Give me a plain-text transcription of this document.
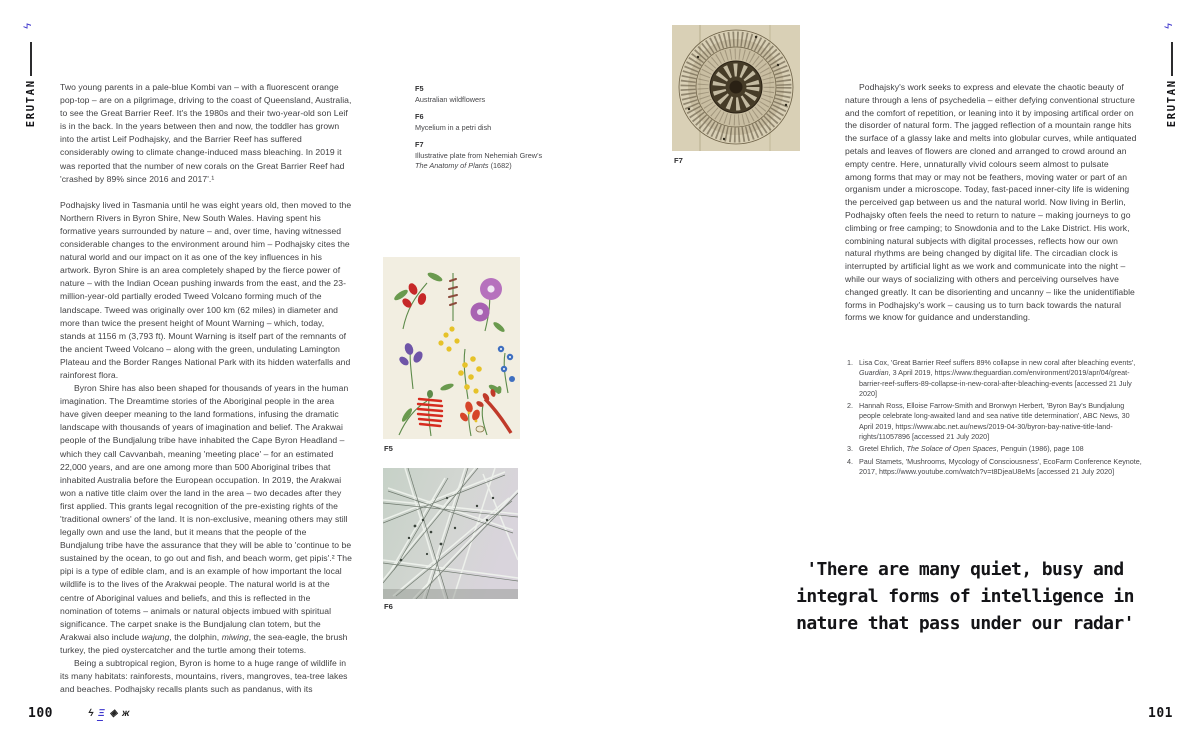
ϟ
N
A
T
U
R
E

Two young parents in a pale-blue Kombi van – with a fluorescent orange pop-top – are on a pilgrimage, driving to the coast of Queensland, Australia, to see the Great Barrier Reef. It's the 1980s and their two-year-old son Leif is in the back. In the years between then and now, the toddler has grown into the artist Leif Podhajsky, and the Barrier Reef has suffered considerably owing to climate change-induced mass bleaching. In 2019 it was reported that the number of new corals on the Great Barrier Reef had 'crashed by 89% since 2016 and 2017'.¹

Podhajsky lived in Tasmania until he was eight years old, then moved to the Northern Rivers in Byron Shire, New South Wales. Having spent his formative years surrounded by nature – and, over time, having witnessed considerable changes to the environment around him – Podhajsky cites the natural world and our impact on it as one of the key influences in his artwork. Byron Shire is an area completely shaped by the fierce power of nature – with the Indian Ocean pushing inwards from the east, and the 23-million-year-old partially eroded Tweed Volcano forming much of the landscape. Tweed was originally over 100 km (62 miles) in diameter and more than twice the present height of Mount Warning – which, today, stands at 1156 m (3,793 ft). Mount Warning is itself part of the remnants of the ancient Tweed Volcano – along with the green, undulating Lamington Plateau and the Border Ranges National Park with its hidden waterfalls and rainforest flora.

Byron Shire has also been shaped for thousands of years in the human imagination. The Dreamtime stories of the Aboriginal people in the area have given deeper meaning to the land formations, infusing the dramatic landscape with thousands of years of imagination and belief. The Arakwai people of the Bundjalung tribe have inhabited the Cape Byron Headland – which they call Cavvanbah, meaning 'meeting place' – for an estimated 22,000 years, and are one among more than 500 Aboriginal tribes that inhabited Australia before the European occupation. In 2019, the Arakwai won a native title claim over the land in the area – two decades after they first applied. This grants legal recognition of the pre-existing rights of the 'traditional owners' of the land. It is non-exclusive, meaning others may still legally own and use the land, but it means that the people of the Bundjalung tribe have the assurance that they will be able to 'continue to be sustained by the ocean, to go out and fish, and beach worm, get pipis'.² The pipi is a type of edible clam, and is an example of how important the local wildlife is to the lives of the Arakwai people. The natural world is at the centre of Aboriginal values and beliefs, and this is reflected in the nomination of totems – animals or natural objects imbued with spiritual significance. The carpet snake is the Bundjalung clan totem, but the Arakwai also include wajung, the dolphin, miwing, the sea-eagle, the brush turkey, the pied oystercatcher and the turtle among their totems.

Being a subtropical region, Byron is home to a huge range of wildlife in its many habitats: rainforests, mountains, rivers, mangroves, tea-tree lakes and beaches. Podhajsky recalls plants such as pandanus, with its

F5
Australian wildflowers
F6
Mycelium in a petri dish
F7
Illustrative plate from Nehemiah Grew's The Anatomy of Plants (1682)
F7
F5
F6

Podhajsky's work seeks to express and elevate the chaotic beauty of nature through a lens of psychedelia – either defying conventional structure and the comfort of repetition, or leaning into it by imposing artifical order on the disorder of natural form. The jagged reflection of a mountain range hits the surface of a glassy lake and melts into globular curves, while antiquated petals and leaves of flowers are cloned and arranged to crowd around an empty centre. Here, unnaturally vivid colours seem almost to pulsate among forms that may or may not be feathers, moving water or part of an organism under a microscope. Today, fast-paced inner-city life is widening the perceived gap between us and the natural world. Now living in Berlin, Podhajsky often feels the need to return to nature – making journeys to go climbing or free camping; to Snowdonia and to the Lake District. His work, combining natural subjects with digital processes, reflects how our own natural rhythms are being changed by digital life. The circadian clock is interrupted by artificial light as we work and communicate into the night – while our ways of socializing with others and perceiving ourselves have changed greatly. It can be disorienting and uncanny – like the unidentifiable forms in Podhajsky's work – causing us to turn back towards the natural forms we know for guidance and understanding.

1. Lisa Cox, 'Great Barrier Reef suffers 89% collapse in new coral after bleaching events', Guardian, 3 April 2019, https://www.theguardian.com/environment/2019/apr/04/great-barrier-reef-suffers-89-collapse-in-new-coral-after-bleaching-events [accessed 21 July 2020]
2. Hannah Ross, Elloise Farrow-Smith and Bronwyn Herbert, 'Byron Bay's Bundjalung people celebrate long-awaited land and sea native title determination', ABC News, 30 April 2019, https://www.abc.net.au/news/2019-04-30/byron-bay-native-title-land-rights/11057896 [accessed 21 July 2020]
3. Gretel Ehrlich, The Solace of Open Spaces, Penguin (1986), page 108
4. Paul Stamets, 'Mushrooms, Mycology of Consciousness', EcoFarm Conference Keynote, 2017, https://www.youtube.com/watch?v=t8DjeaU8eMs [accessed 21 July 2020]
'There are many quiet, busy and
integral forms of intelligence in
nature that pass under our radar'
ϟ
N
A
T
U
R
E
100	ϟ Ξ ◈ ж	101
